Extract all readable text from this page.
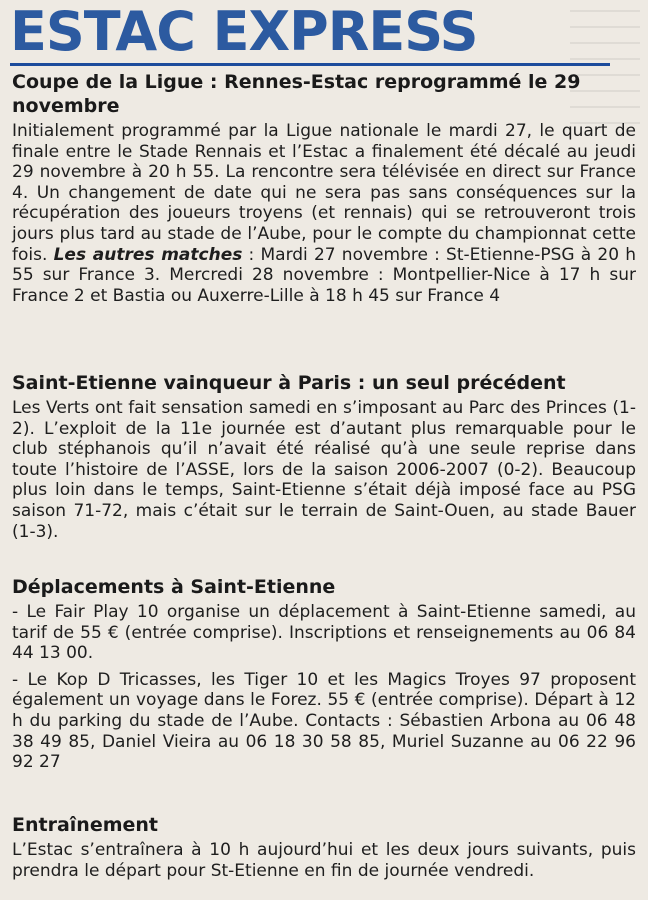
ESTAC EXPRESS
Coupe de la Ligue : Rennes-Estac reprogrammé le 29 novembre

Initialement programmé par la Ligue nationale le mardi 27, le quart de finale entre le Stade Rennais et l’Estac a finalement été décalé au jeudi 29 novembre à 20 h 55. La rencontre sera télévisée en direct sur France 4. Un changement de date qui ne sera pas sans conséquences sur la récupération des joueurs troyens (et rennais) qui se retrouveront trois jours plus tard au stade de l’Aube, pour le compte du championnat cette fois. Les autres matches : Mardi 27 novembre : St-Etienne-PSG à 20 h 55 sur France 3. Mercredi 28 novembre : Montpellier-Nice à 17 h sur France 2 et Bastia ou Auxerre-Lille à 18 h 45 sur France 4

Saint-Etienne vainqueur à Paris : un seul précédent

Les Verts ont fait sensation samedi en s’imposant au Parc des Princes (1-2). L’exploit de la 11e journée est d’autant plus remarquable pour le club stéphanois qu’il n’avait été réalisé qu’à une seule reprise dans toute l’histoire de l’ASSE, lors de la saison 2006-2007 (0-2). Beaucoup plus loin dans le temps, Saint-Etienne s’était déjà imposé face au PSG saison 71-72, mais c’était sur le terrain de Saint-Ouen, au stade Bauer (1-3).

Déplacements à Saint-Etienne

- Le Fair Play 10 organise un déplacement à Saint-Etienne samedi, au tarif de 55 € (entrée comprise). Inscriptions et renseignements au 06 84 44 13 00.

- Le Kop D Tricasses, les Tiger 10 et les Magics Troyes 97 proposent également un voyage dans le Forez. 55 € (entrée comprise). Départ à 12 h du parking du stade de l’Aube. Contacts : Sébastien Arbona au 06 48 38 49 85, Daniel Vieira au 06 18 30 58 85, Muriel Suzanne au 06 22 96 92 27

Entraînement

L’Estac s’entraînera à 10 h aujourd’hui et les deux jours suivants, puis prendra le départ pour St-Etienne en fin de journée vendredi.
